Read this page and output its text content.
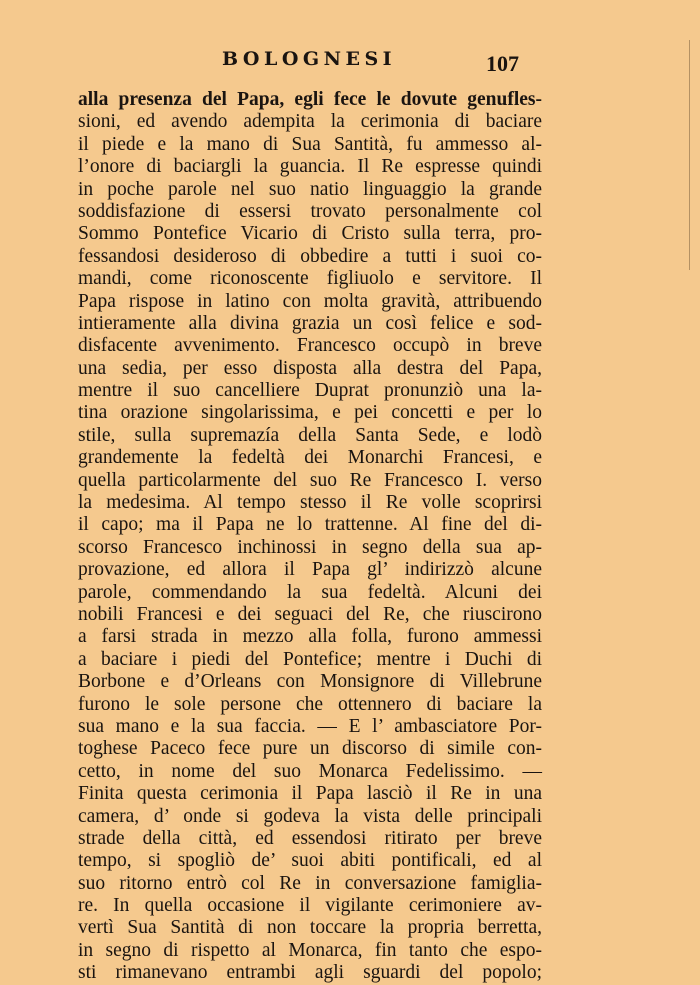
BOLOGNESI	107
alla presenza del Papa, egli fece le dovute genufles-
sioni, ed avendo adempita la cerimonia di baciare
il piede e la mano di Sua Santità, fu ammesso al-
l’onore di baciargli la guancia. Il Re espresse quindi
in poche parole nel suo natio linguaggio la grande
soddisfazione di essersi trovato personalmente col
Sommo Pontefice Vicario di Cristo sulla terra, pro-
fessandosi desideroso di obbedire a tutti i suoi co-
mandi, come riconoscente figliuolo e servitore. Il
Papa rispose in latino con molta gravità, attribuendo
intieramente alla divina grazia un così felice e sod-
disfacente avvenimento. Francesco occupò in breve
una sedia, per esso disposta alla destra del Papa,
mentre il suo cancelliere Duprat pronunziò una la-
tina orazione singolarissima, e pei concetti e per lo
stile, sulla supremazía della Santa Sede, e lodò
grandemente la fedeltà dei Monarchi Francesi, e
quella particolarmente del suo Re Francesco I. verso
la medesima. Al tempo stesso il Re volle scoprirsi
il capo; ma il Papa ne lo trattenne. Al fine del di-
scorso Francesco inchinossi in segno della sua ap-
provazione, ed allora il Papa gl’ indirizzò alcune
parole, commendando la sua fedeltà. Alcuni dei
nobili Francesi e dei seguaci del Re, che riuscirono
a farsi strada in mezzo alla folla, furono ammessi
a baciare i piedi del Pontefice; mentre i Duchi di
Borbone e d’Orleans con Monsignore di Villebrune
furono le sole persone che ottennero di baciare la
sua mano e la sua faccia. — E l’ ambasciatore Por-
toghese Paceco fece pure un discorso di simile con-
cetto, in nome del suo Monarca Fedelissimo. —
Finita questa cerimonia il Papa lasciò il Re in una
camera, d’ onde si godeva la vista delle principali
strade della città, ed essendosi ritirato per breve
tempo, si spogliò de’ suoi abiti pontificali, ed al
suo ritorno entrò col Re in conversazione famiglia-
re. In quella occasione il vigilante cerimoniere av-
vertì Sua Santità di non toccare la propria berretta,
in segno di rispetto al Monarca, fin tanto che espo-
sti rimanevano entrambi agli sguardi del popolo;
